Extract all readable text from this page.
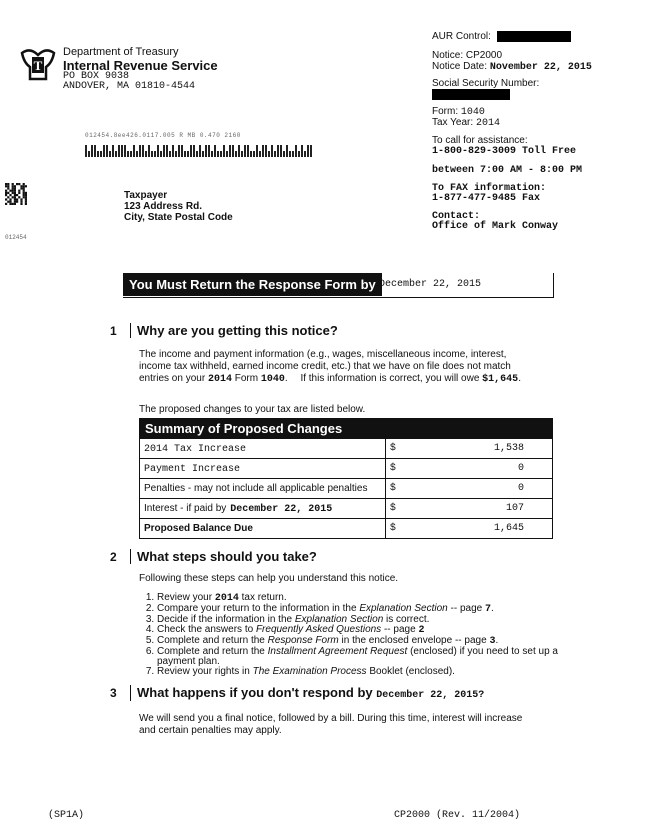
T
Department of Treasury
Internal Revenue Service
PO BOX 9038
ANDOVER, MA 01810-4544
AUR Control:
Notice: CP2000
Notice Date: November 22, 2015
Social Security Number:
Form: 1040
Tax Year: 2014
To call for assistance:
1-800-829-3009 Toll Free
between 7:00 AM - 8:00 PM
To FAX information:
1-877-477-9485 Fax
Contact:
Office of Mark Conway
012454.8ee426.0117.005 R MB 0.470 2160
012454
Taxpayer
123 Address Rd.
City, State Postal Code
You Must Return the Response Form by December 22, 2015
1	Why are you getting this notice?
The income and payment information (e.g., wages, miscellaneous income, interest,
income tax withheld, earned income credit, etc.) that we have on file does not match
entries on your 2014 Form 1040. If this information is correct, you will owe $1,645.
The proposed changes to your tax are listed below.
Summary of Proposed Changes
2014 Tax Increase	$	1,538
Payment Increase	$	0
Penalties - may not include all applicable penalties	$	0
Interest - if paid by December 22, 2015	$	107
Proposed Balance Due	$	1,645
2	What steps should you take?
Following these steps can help you understand this notice.
1. Review your 2014 tax return.
2. Compare your return to the information in the Explanation Section -- page 7.
3. Decide if the information in the Explanation Section is correct.
4. Check the answers to Frequently Asked Questions -- page 2
5. Complete and return the Response Form in the enclosed envelope -- page 3.
6. Complete and return the Installment Agreement Request (enclosed) if you need to set up a payment plan.
7. Review your rights in The Examination Process Booklet (enclosed).
3	What happens if you don't respond by December 22, 2015?
We will send you a final notice, followed by a bill. During this time, interest will increase
and certain penalties may apply.
(SP1A)	CP2000 (Rev. 11/2004)
